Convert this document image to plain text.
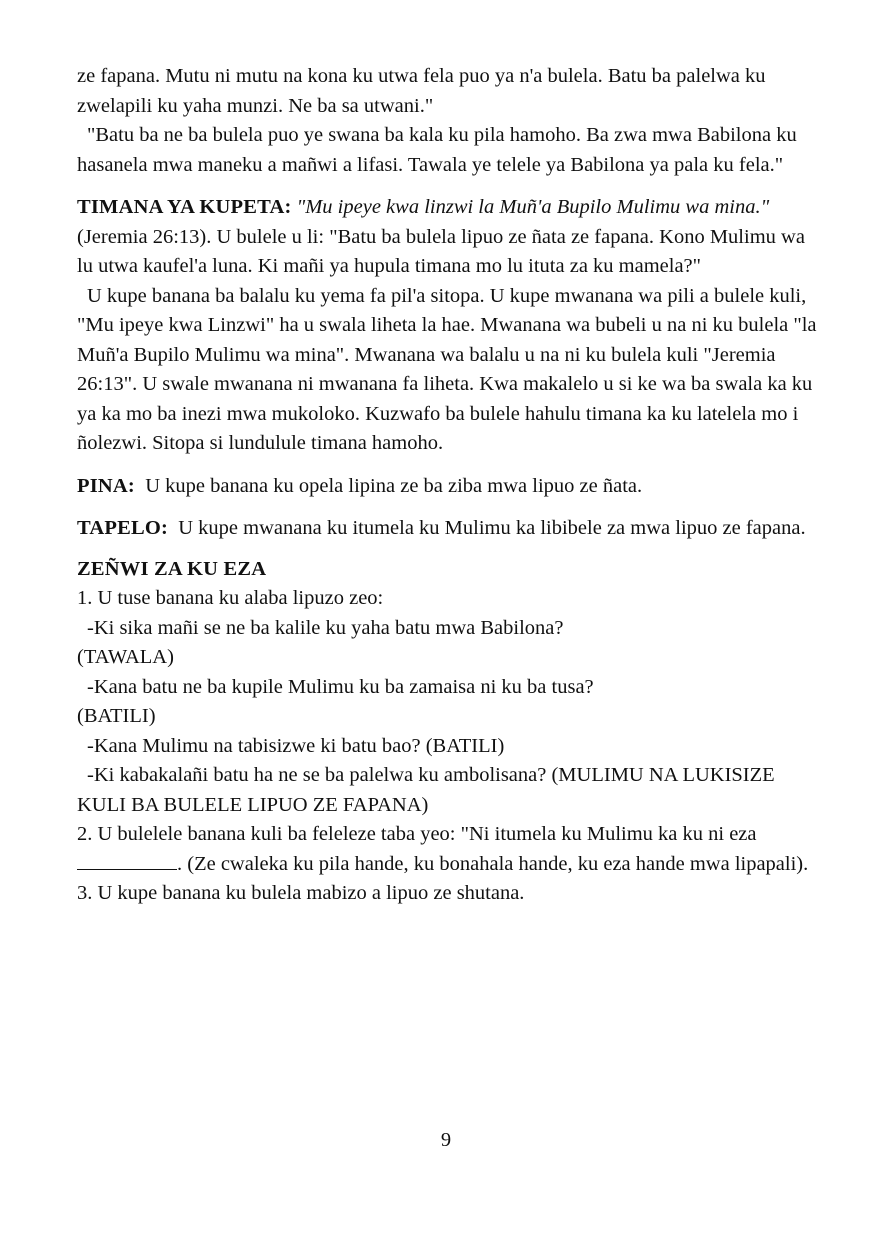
ze fapana. Mutu ni mutu na kona ku utwa fela puo ya n'a bulela. Batu ba palelwa ku zwelapili ku yaha munzi. Ne ba sa utwani."

"Batu ba ne ba bulela puo ye swana ba kala ku pila hamoho. Ba zwa mwa Babilona ku hasanela mwa maneku a mañwi a lifasi. Tawala ye telele ya Babilona ya pala ku fela."

TIMANA YA KUPETA: "Mu ipeye kwa linzwi la Muñ'a Bupilo Mulimu wa mina." (Jeremia 26:13). U bulele u li: "Batu ba bulela lipuo ze ñata ze fapana. Kono Mulimu wa lu utwa kaufel'a luna. Ki mañi ya hupula timana mo lu ituta za ku mamela?"

U kupe banana ba balalu ku yema fa pil'a sitopa. U kupe mwanana wa pili a bulele kuli, "Mu ipeye kwa Linzwi" ha u swala liheta la hae. Mwanana wa bubeli u na ni ku bulela "la Muñ'a Bupilo Mulimu wa mina". Mwanana wa balalu u na ni ku bulela kuli "Jeremia 26:13". U swale mwanana ni mwanana fa liheta. Kwa makalelo u si ke wa ba swala ka ku ya ka mo ba inezi mwa mukoloko. Kuzwafo ba bulele hahulu timana ka ku latelela mo i ñolezwi. Sitopa si lundulule timana hamoho.

PINA: U kupe banana ku opela lipina ze ba ziba mwa lipuo ze ñata.

TAPELO: U kupe mwanana ku itumela ku Mulimu ka libibele za mwa lipuo ze fapana.

ZEÑWI ZA KU EZA

1. U tuse banana ku alaba lipuzo zeo:

-Ki sika mañi se ne ba kalile ku yaha batu mwa Babilona?

(TAWALA)

-Kana batu ne ba kupile Mulimu ku ba zamaisa ni ku ba tusa?

(BATILI)

-Kana Mulimu na tabisizwe ki batu bao? (BATILI)

-Ki kabakalañi batu ha ne se ba palelwa ku ambolisana? (MULIMU NA LUKISIZE KULI BA BULELE LIPUO ZE FAPANA)

2. U bulelele banana kuli ba feleleze taba yeo: "Ni itumela ku Mulimu ka ku ni eza . (Ze cwaleka ku pila hande, ku bonahala hande, ku eza hande mwa lipapali).

3. U kupe banana ku bulela mabizo a lipuo ze shutana.

9
